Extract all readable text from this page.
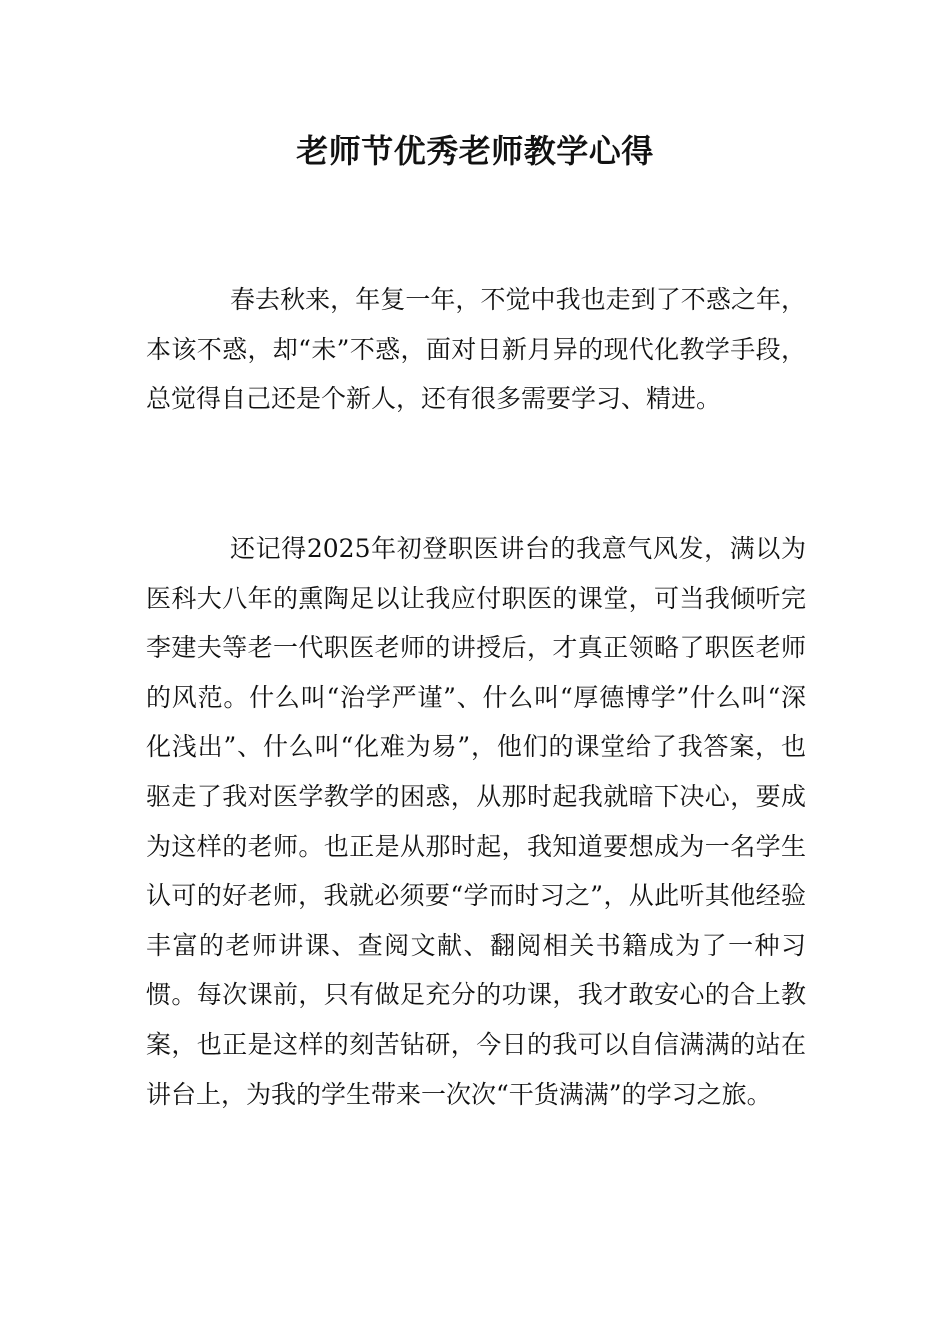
老师节优秀老师教学心得

春去秋来，年复一年，不觉中我也走到了不惑之年，本该不惑，却“未”不惑，面对日新月异的现代化教学手段，总觉得自己还是个新人，还有很多需要学习、精进。

还记得2025年初登职医讲台的我意气风发，满以为医科大八年的熏陶足以让我应付职医的课堂，可当我倾听完李建夫等老一代职医老师的讲授后，才真正领略了职医老师的风范。什么叫“治学严谨”、什么叫“厚德博学”什么叫“深化浅出”、什么叫“化难为易”，他们的课堂给了我答案，也驱走了我对医学教学的困惑，从那时起我就暗下决心，要成为这样的老师。也正是从那时起，我知道要想成为一名学生认可的好老师，我就必须要“学而时习之”，从此听其他经验丰富的老师讲课、查阅文献、翻阅相关书籍成为了一种习惯。每次课前，只有做足充分的功课，我才敢安心的合上教案，也正是这样的刻苦钻研，今日的我可以自信满满的站在讲台上，为我的学生带来一次次“干货满满”的学习之旅。
